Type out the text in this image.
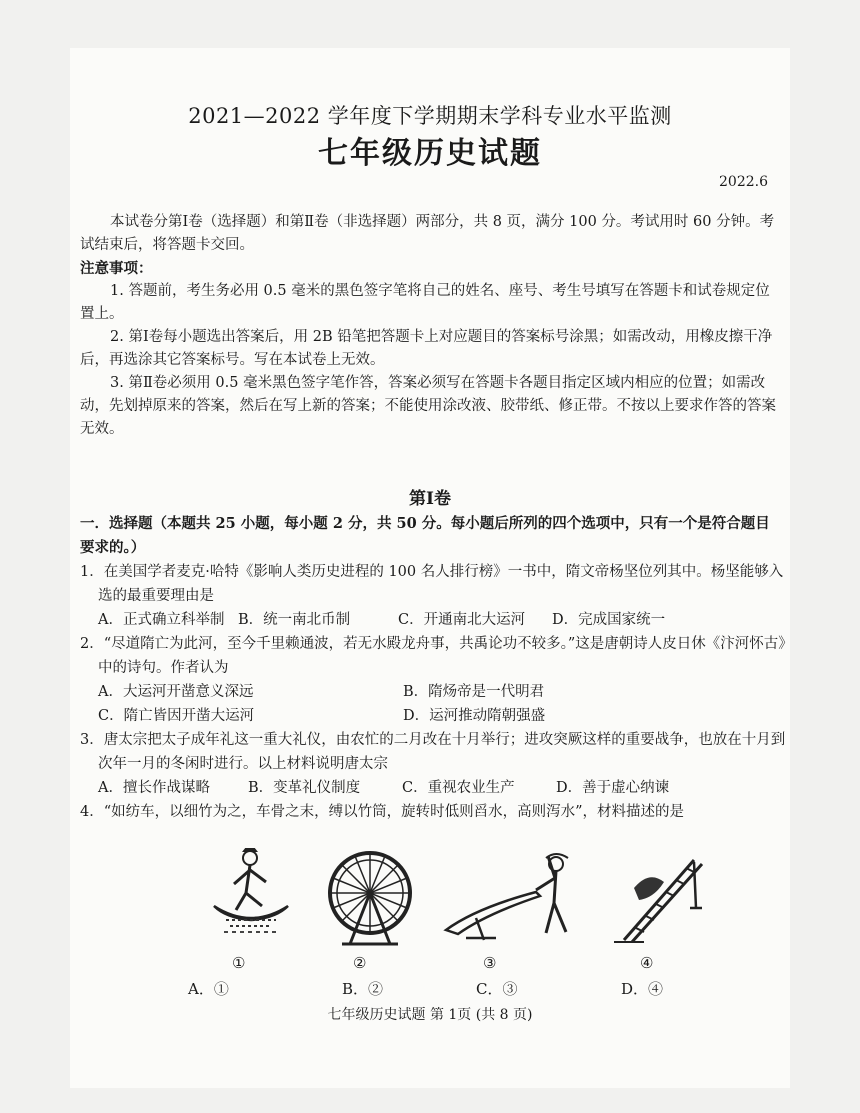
2021—2022 学年度下学期期末学科专业水平监测
七年级历史试题
2022.6
本试卷分第Ⅰ卷（选择题）和第Ⅱ卷（非选择题）两部分，共 8 页，满分 100 分。考试用时 60 分钟。考试结束后，将答题卡交回。
注意事项：
1. 答题前，考生务必用 0.5 毫米的黑色签字笔将自己的姓名、座号、考生号填写在答题卡和试卷规定位置上。
2. 第Ⅰ卷每小题选出答案后，用 2B 铅笔把答题卡上对应题目的答案标号涂黑；如需改动，用橡皮擦干净后，再选涂其它答案标号。写在本试卷上无效。
3. 第Ⅱ卷必须用 0.5 毫米黑色签字笔作答，答案必须写在答题卡各题目指定区域内相应的位置；如需改动，先划掉原来的答案，然后在写上新的答案；不能使用涂改液、胶带纸、修正带。不按以上要求作答的答案无效。
第Ⅰ卷
一．选择题（本题共 25 小题，每小题 2 分，共 50 分。每小题后所列的四个选项中，只有一个是符合题目要求的。）
1．在美国学者麦克·哈特《影响人类历史进程的 100 名人排行榜》一书中，隋文帝杨坚位列其中。杨坚能够入选的最重要理由是
A．正式确立科举制 B．统一南北币制	C．开通南北大运河	D．完成国家统一
2．“尽道隋亡为此河，至今千里赖通波，若无水殿龙舟事，共禹论功不较多。”这是唐朝诗人皮日休《汴河怀古》中的诗句。作者认为
A．大运河开凿意义深远	B．隋炀帝是一代明君
C．隋亡皆因开凿大运河	D．运河推动隋朝强盛
3．唐太宗把太子成年礼这一重大礼仪，由农忙的二月改在十月举行；进攻突厥这样的重要战争，也放在十月到次年一月的冬闲时进行。以上材料说明唐太宗
A．擅长作战谋略	B．变革礼仪制度	C．重视农业生产	D．善于虚心纳谏
4．“如纺车，以细竹为之，车骨之末，缚以竹筒，旋转时低则舀水，高则泻水”，材料描述的是
①	②	③	④
A．①	B．②	C．③	D．④
七年级历史试题 第 1页 (共 8 页)
